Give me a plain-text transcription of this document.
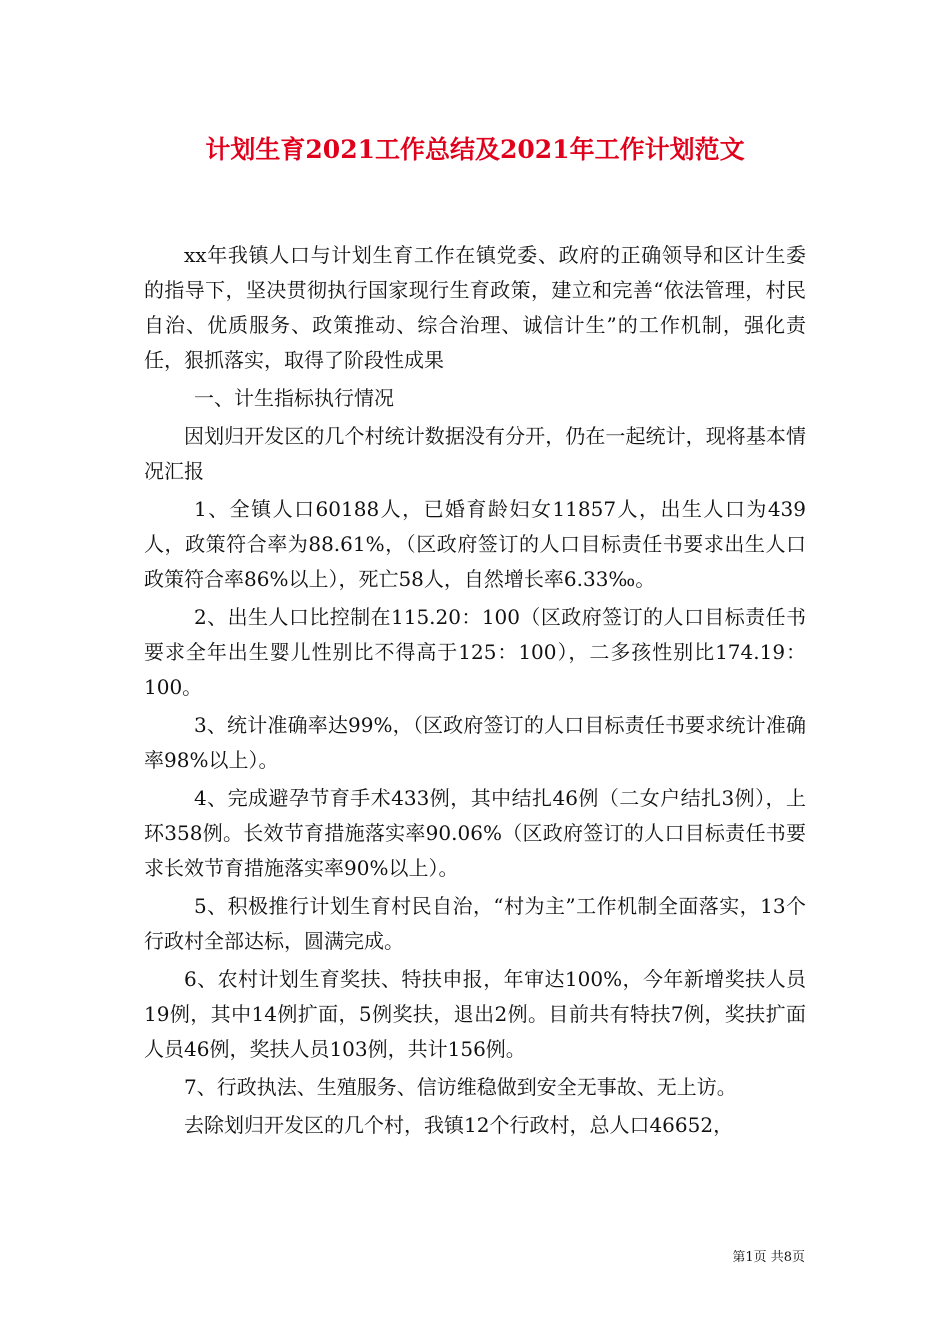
计划生育2021工作总结及2021年工作计划范文

xx年我镇人口与计划生育工作在镇党委、政府的正确领导和区计生委的指导下，坚决贯彻执行国家现行生育政策，建立和完善“依法管理，村民自治、优质服务、政策推动、综合治理、诚信计生”的工作机制，强化责任，狠抓落实，取得了阶段性成果

一、计生指标执行情况

因划归开发区的几个村统计数据没有分开，仍在一起统计，现将基本情况汇报

1、全镇人口60188人，已婚育龄妇女11857人，出生人口为439人，政策符合率为88.61%，（区政府签订的人口目标责任书要求出生人口政策符合率86%以上），死亡58人，自然增长率6.33‰。

2、出生人口比控制在115.20：100（区政府签订的人口目标责任书要求全年出生婴儿性别比不得高于125：100），二多孩性别比174.19：100。

3、统计准确率达99%，（区政府签订的人口目标责任书要求统计准确率98%以上）。

4、完成避孕节育手术433例，其中结扎46例（二女户结扎3例），上环358例。长效节育措施落实率90.06%（区政府签订的人口目标责任书要求长效节育措施落实率90%以上）。

5、积极推行计划生育村民自治，“村为主”工作机制全面落实，13个行政村全部达标，圆满完成。

6、农村计划生育奖扶、特扶申报，年审达100%，今年新增奖扶人员19例，其中14例扩面，5例奖扶，退出2例。目前共有特扶7例，奖扶扩面人员46例，奖扶人员103例，共计156例。

7、行政执法、生殖服务、信访维稳做到安全无事故、无上访。

去除划归开发区的几个村，我镇12个行政村，总人口46652，

第1页 共8页
